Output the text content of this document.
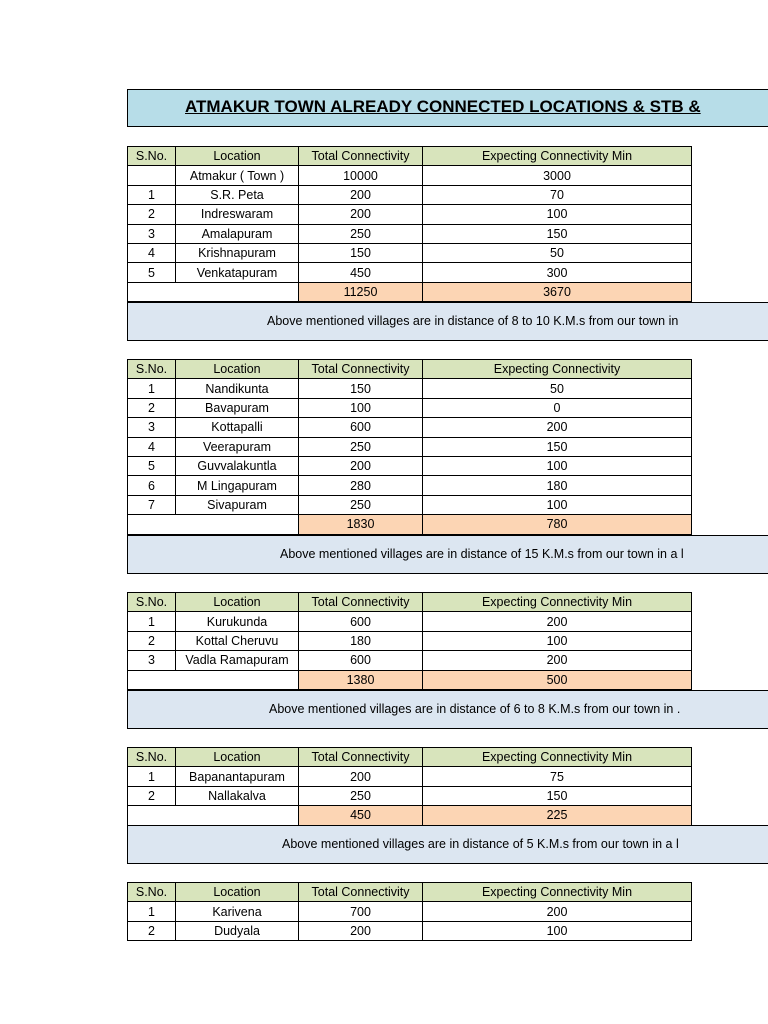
ATMAKUR TOWN ALREADY CONNECTED LOCATIONS & STB &
S.No.	Location	Total Connectivity	Expecting Connectivity Min
	Atmakur ( Town )	10000	3000
1	S.R. Peta	200	70
2	Indreswaram	200	100
3	Amalapuram	250	150
4	Krishnapuram	150	50
5	Venkatapuram	450	300
		11250	3670
Above mentioned villages are in distance of 8 to 10 K.M.s from our town in
S.No.	Location	Total Connectivity	Expecting Connectivity
1	Nandikunta	150	50
2	Bavapuram	100	0
3	Kottapalli	600	200
4	Veerapuram	250	150
5	Guvvalakuntla	200	100
6	M Lingapuram	280	180
7	Sivapuram	250	100
		1830	780
Above mentioned villages are in distance of 15 K.M.s from our town in a l
S.No.	Location	Total Connectivity	Expecting Connectivity Min
1	Kurukunda	600	200
2	Kottal Cheruvu	180	100
3	Vadla Ramapuram	600	200
		1380	500
Above mentioned villages are in distance of 6 to 8 K.M.s from our town in .
S.No.	Location	Total Connectivity	Expecting Connectivity Min
1	Bapanantapuram	200	75
2	Nallakalva	250	150
		450	225
Above mentioned villages are in distance of 5 K.M.s from our town in a l
S.No.	Location	Total Connectivity	Expecting Connectivity Min
1	Karivena	700	200
2	Dudyala	200	100
